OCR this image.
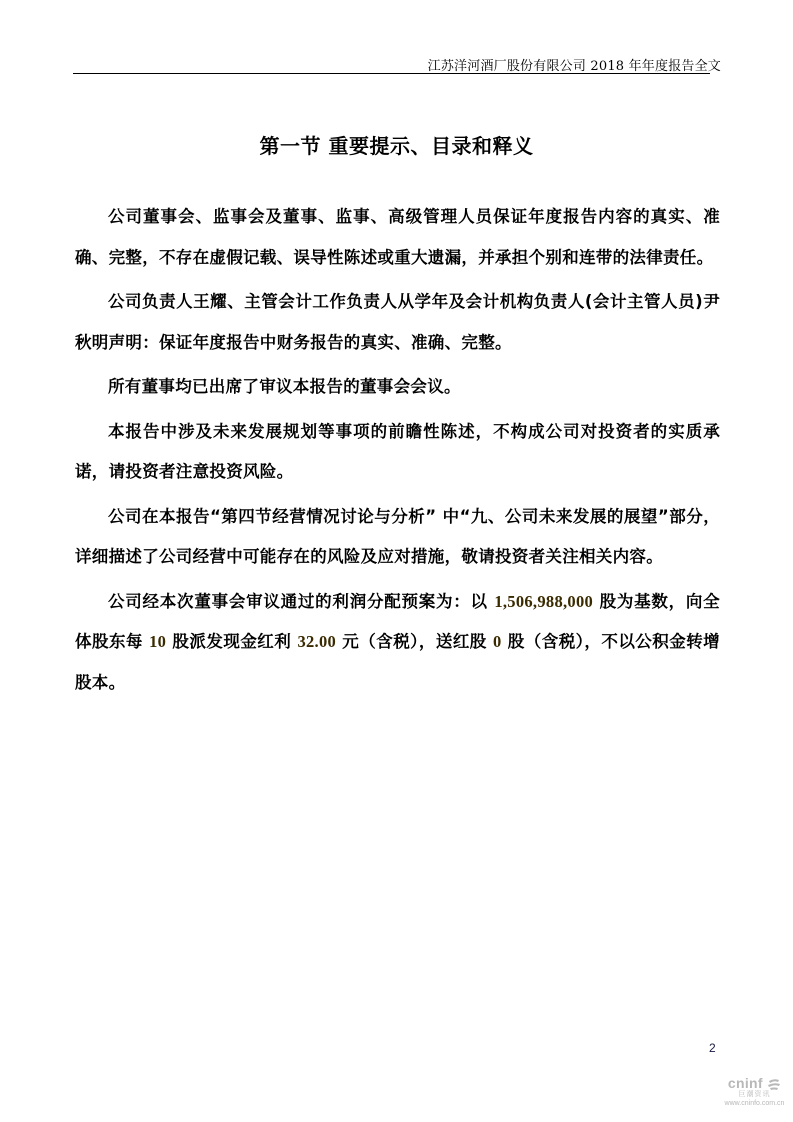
江苏洋河酒厂股份有限公司 2018 年年度报告全文
第一节 重要提示、目录和释义

公司董事会、监事会及董事、监事、高级管理人员保证年度报告内容的真实、准确、完整，不存在虚假记载、误导性陈述或重大遗漏，并承担个别和连带的法律责任。

公司负责人王耀、主管会计工作负责人从学年及会计机构负责人(会计主管人员)尹秋明声明：保证年度报告中财务报告的真实、准确、完整。

所有董事均已出席了审议本报告的董事会会议。

本报告中涉及未来发展规划等事项的前瞻性陈述，不构成公司对投资者的实质承诺，请投资者注意投资风险。

公司在本报告“第四节经营情况讨论与分析” 中“九、公司未来发展的展望”部分，详细描述了公司经营中可能存在的风险及应对措施，敬请投资者关注相关内容。

公司经本次董事会审议通过的利润分配预案为：以 1,506,988,000 股为基数，向全体股东每 10 股派发现金红利 32.00 元（含税），送红股 0 股（含税），不以公积金转增股本。

2
cninf
巨潮资讯
www.cninfo.com.cn
